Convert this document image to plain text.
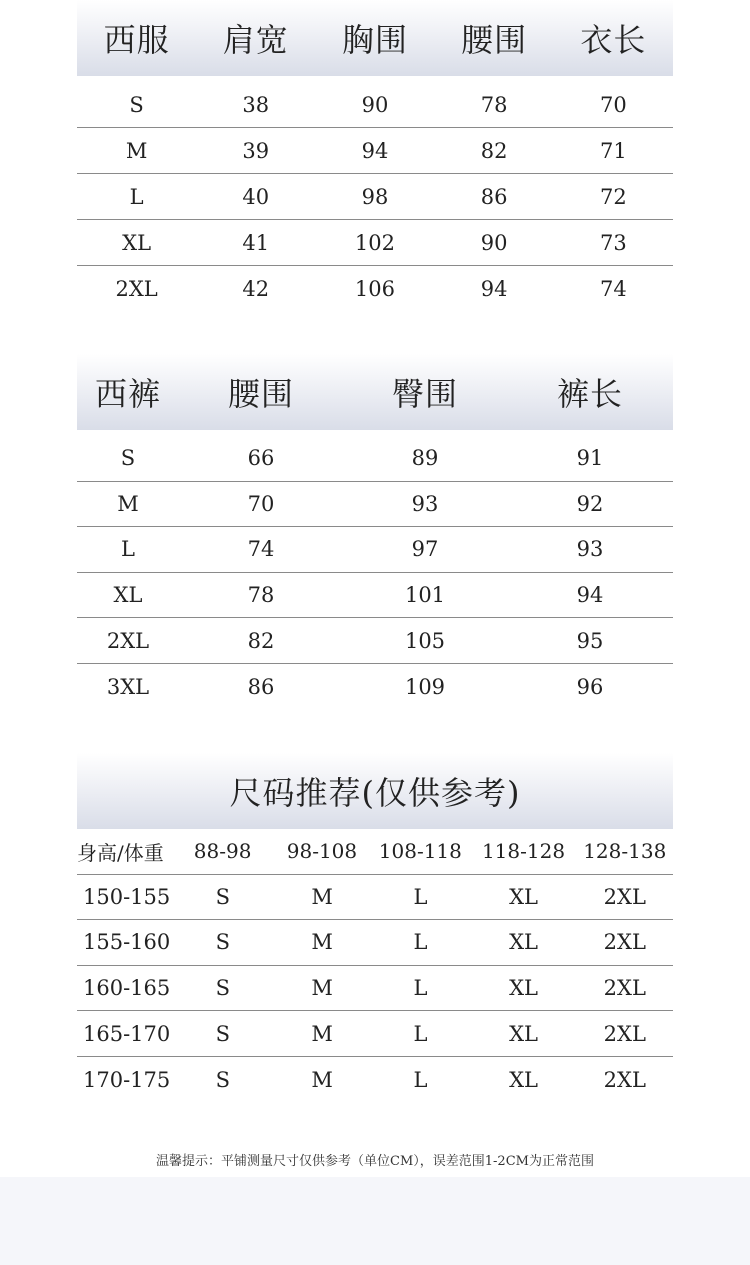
西服	肩宽	胸围	腰围	衣长
S	38	90	78	70
M	39	94	82	71
L	40	98	86	72
XL	41	102	90	73
2XL	42	106	94	74
西裤	腰围	臀围	裤长
S	66	89	91
M	70	93	92
L	74	97	93
XL	78	101	94
2XL	82	105	95
3XL	86	109	96
尺码推荐(仅供参考)
身高/体重	88-98	98-108	108-118	118-128 128-138
150-155	S	M	L	XL	2XL
155-160	S	M	L	XL	2XL
160-165	S	M	L	XL	2XL
165-170	S	M	L	XL	2XL
170-175	S	M	L	XL	2XL
温馨提示：平铺测量尺寸仅供参考（单位CM），误差范围1-2CM为正常范围
